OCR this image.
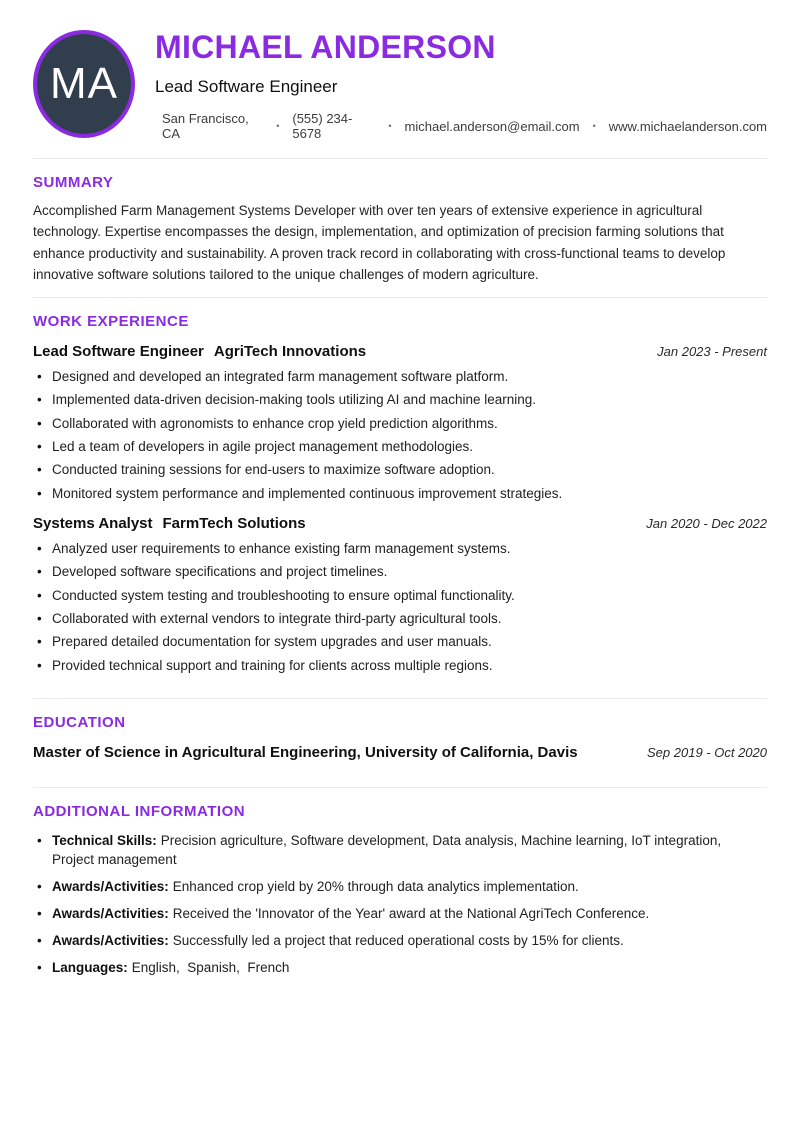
MA
MICHAEL ANDERSON
Lead Software Engineer
San Francisco, CA
• (555) 234-5678
• michael.anderson@email.com • www.michaelanderson.com
SUMMARY
Accomplished Farm Management Systems Developer with over ten years of extensive experience in agricultural technology. Expertise encompasses the design, implementation, and optimization of precision farming solutions that enhance productivity and sustainability. A proven track record in collaborating with cross-functional teams to develop innovative software solutions tailored to the unique challenges of modern agriculture.
WORK EXPERIENCE
Lead Software Engineer AgriTech Innovations	Jan 2023 - Present
• Designed and developed an integrated farm management software platform.
• Implemented data-driven decision-making tools utilizing AI and machine learning.
• Collaborated with agronomists to enhance crop yield prediction algorithms.
• Led a team of developers in agile project management methodologies.
• Conducted training sessions for end-users to maximize software adoption.
• Monitored system performance and implemented continuous improvement strategies.
Systems Analyst FarmTech Solutions	Jan 2020 - Dec 2022
• Analyzed user requirements to enhance existing farm management systems.
• Developed software specifications and project timelines.
• Conducted system testing and troubleshooting to ensure optimal functionality.
• Collaborated with external vendors to integrate third-party agricultural tools.
• Prepared detailed documentation for system upgrades and user manuals.
• Provided technical support and training for clients across multiple regions.
EDUCATION
Master of Science in Agricultural Engineering, University of California, Davis	Sep 2019 - Oct 2020
ADDITIONAL INFORMATION
• Technical Skills: Precision agriculture, Software development, Data analysis, Machine learning, IoT integration, Project management
• Awards/Activities: Enhanced crop yield by 20% through data analytics implementation.
• Awards/Activities: Received the 'Innovator of the Year' award at the National AgriTech Conference.
• Awards/Activities: Successfully led a project that reduced operational costs by 15% for clients.
• Languages: English,  Spanish,  French
